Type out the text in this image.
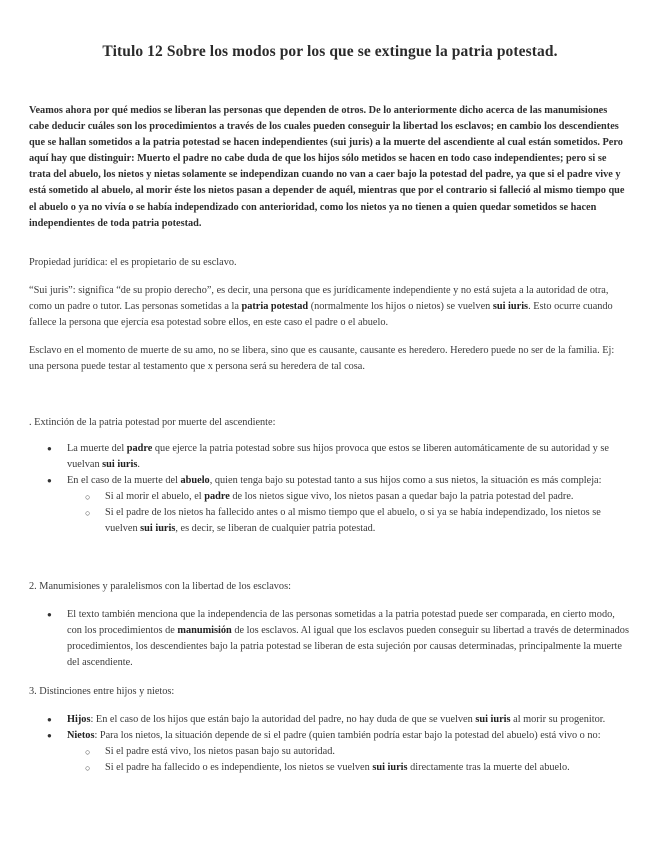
Titulo 12 Sobre los modos por los que se extingue la patria potestad.

Veamos ahora por qué medios se liberan las personas que dependen de otros. De lo anteriormente dicho acerca de las manumisiones cabe deducir cuáles son los procedimientos a través de los cuales pueden conseguir la libertad los esclavos; en cambio los descendientes que se hallan sometidos a la patria potestad se hacen independientes (sui juris) a la muerte del ascendiente al cual están sometidos. Pero aquí hay que distinguir: Muerto el padre no cabe duda de que los hijos sólo metidos se hacen en todo caso independientes; pero si se trata del abuelo, los nietos y nietas solamente se independizan cuando no van a caer bajo la potestad del padre, ya que si el padre vive y está sometido al abuelo, al morir éste los nietos pasan a depender de aquél, mientras que por el contrario si falleció al mismo tiempo que el abuelo o ya no vivía o se había independizado con anterioridad, como los nietos ya no tienen a quien quedar sometidos se hacen independientes de toda patria potestad.

Propiedad jurídica: el es propietario de su esclavo.

“Sui juris”: significa “de su propio derecho”, es decir, una persona que es jurídicamente independiente y no está sujeta a la autoridad de otra, como un padre o tutor. Las personas sometidas a la patria potestad (normalmente los hijos o nietos) se vuelven sui iuris. Esto ocurre cuando fallece la persona que ejercía esa potestad sobre ellos, en este caso el padre o el abuelo.

Esclavo en el momento de muerte de su amo, no se libera, sino que es causante, causante es heredero. Heredero puede no ser de la familia. Ej: una persona puede testar al testamento que x persona será su heredera de tal cosa.

. Extinción de la patria potestad por muerte del ascendiente:

● La muerte del padre que ejerce la patria potestad sobre sus hijos provoca que estos se liberen automáticamente de su autoridad y se vuelvan sui iuris.
● En el caso de la muerte del abuelo, quien tenga bajo su potestad tanto a sus hijos como a sus nietos, la situación es más compleja:
○ Si al morir el abuelo, el padre de los nietos sigue vivo, los nietos pasan a quedar bajo la patria potestad del padre.
○ Si el padre de los nietos ha fallecido antes o al mismo tiempo que el abuelo, o si ya se había independizado, los nietos se vuelven sui iuris, es decir, se liberan de cualquier patria potestad.

2. Manumisiones y paralelismos con la libertad de los esclavos:

● El texto también menciona que la independencia de las personas sometidas a la patria potestad puede ser comparada, en cierto modo, con los procedimientos de manumisión de los esclavos. Al igual que los esclavos pueden conseguir su libertad a través de determinados procedimientos, los descendientes bajo la patria potestad se liberan de esta sujeción por causas determinadas, principalmente la muerte del ascendiente.

3. Distinciones entre hijos y nietos:

● Hijos: En el caso de los hijos que están bajo la autoridad del padre, no hay duda de que se vuelven sui iuris al morir su progenitor.
● Nietos: Para los nietos, la situación depende de si el padre (quien también podría estar bajo la potestad del abuelo) está vivo o no:
○ Si el padre está vivo, los nietos pasan bajo su autoridad.
○ Si el padre ha fallecido o es independiente, los nietos se vuelven sui iuris directamente tras la muerte del abuelo.
